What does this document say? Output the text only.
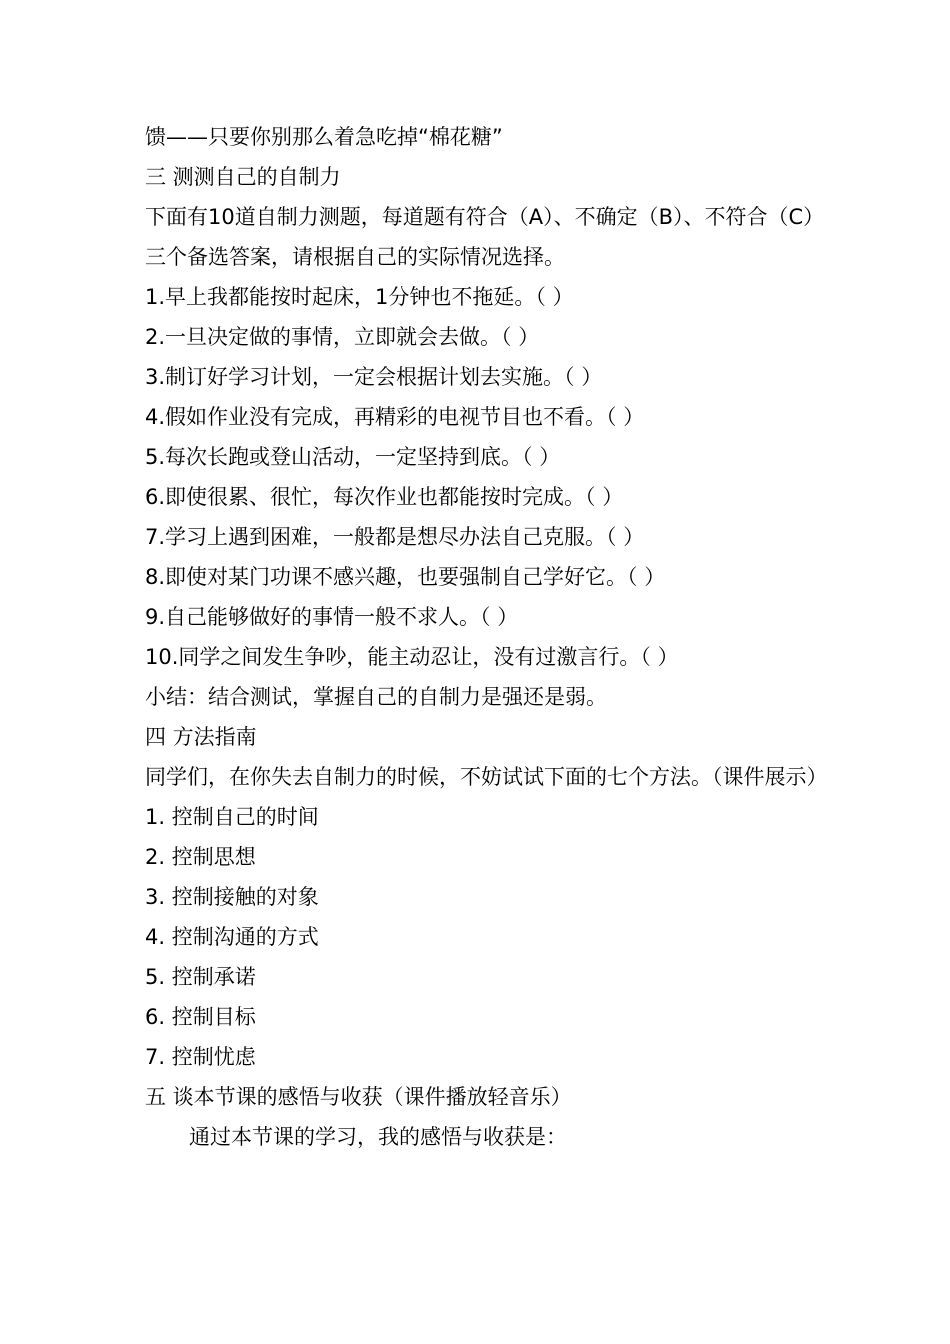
馈——只要你别那么着急吃掉“棉花糖”
三 测测自己的自制力
下面有10道自制力测题，每道题有符合（A）、不确定（B）、不符合（C）三个备选答案，请根据自己的实际情况选择。
1.早上我都能按时起床，1分钟也不拖延。（ ）
2.一旦决定做的事情，立即就会去做。（ ）
3.制订好学习计划，一定会根据计划去实施。（ ）
4.假如作业没有完成，再精彩的电视节目也不看。（ ）
5.每次长跑或登山活动，一定坚持到底。（ ）
6.即使很累、很忙，每次作业也都能按时完成。（ ）
7.学习上遇到困难，一般都是想尽办法自己克服。（ ）
8.即使对某门功课不感兴趣，也要强制自己学好它。（ ）
9.自己能够做好的事情一般不求人。（ ）
10.同学之间发生争吵，能主动忍让，没有过激言行。（ ）
小结：结合测试，掌握自己的自制力是强还是弱。
四 方法指南
同学们，在你失去自制力的时候，不妨试试下面的七个方法。（课件展示）
1. 控制自己的时间
2. 控制思想
3. 控制接触的对象
4. 控制沟通的方式
5. 控制承诺
6. 控制目标
7. 控制忧虑
五 谈本节课的感悟与收获（课件播放轻音乐）
通过本节课的学习，我的感悟与收获是：
